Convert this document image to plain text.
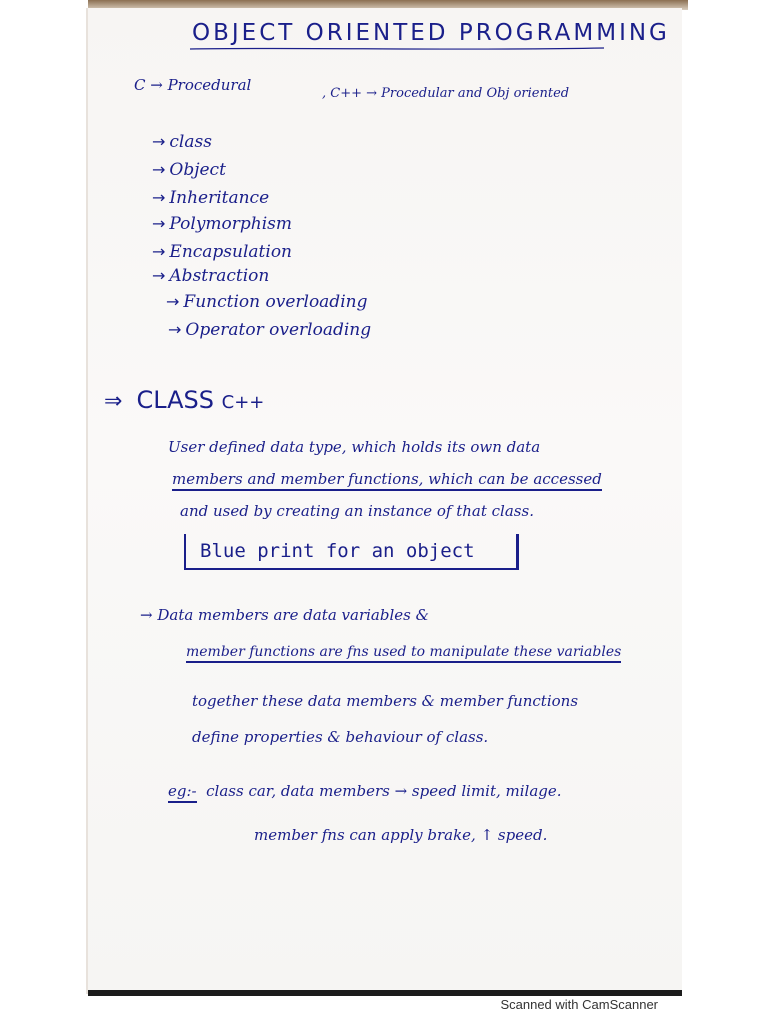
OBJECT ORIENTED PROGRAMMING
C → Procedural	, C++ → Procedular and Obj oriented
→ class
→ Object
→ Inheritance
→ Polymorphism
→ Encapsulation
→ Abstraction
→ Function overloading
→ Operator overloading
⇒ CLASS C++
User defined data type, which holds its own data
members and member functions, which can be accessed
and used by creating an instance of that class.
Blue print for an object
→ Data members are data variables &
member functions are fns used to manipulate these variables
together these data members & member functions
define properties & behaviour of class.
eg:- class car, data members → speed limit, milage.
member fns can apply brake, ↑ speed.
Scanned with CamScanner
